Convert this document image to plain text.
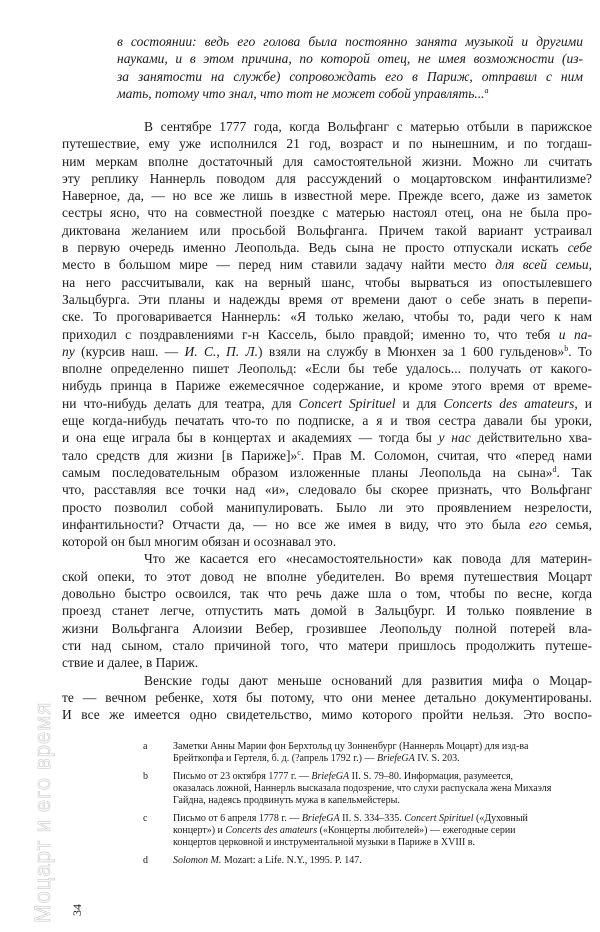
Моцарт и его время 34
в состоянии: ведь его голова была постоянно занята музыкой и другими
науками, и в этом причина, по которой отец, не имея возможности (из-
за занятости на службе) сопровождать его в Париж, отправил с ним
мать, потому что знал, что тот не может собой управлять...$^a$
В сентябре 1777 года, когда Вольфганг с матерью отбыли в парижское
путешествие, ему уже исполнился 21 год, возраст и по нынешним, и по тогдаш-
ним меркам вполне достаточный для самостоятельной жизни. Можно ли считать
эту реплику Наннерль поводом для рассуждений о моцартовском инфантилизме?
Наверное, да, — но все же лишь в известной мере. Прежде всего, даже из заметок
сестры ясно, что на совместной поездке с матерью настоял отец, она не была про-
диктована желанием или просьбой Вольфганга. Причем такой вариант устраивал
в первую очередь именно Леопольда. Ведь сына не просто отпускали искать себе
место в большом мире — перед ним ставили задачу найти место для всей семьи,
на него рассчитывали, как на верный шанс, чтобы вырваться из опостылевшего
Зальцбурга. Эти планы и надежды время от времени дают о себе знать в перепи-
ске. То проговаривается Наннерль: «Я только желаю, чтобы то, ради чего к нам
приходил с поздравлениями г-н Кассель, было правдой; именно то, что тебя и па-
пу (курсив наш. — И. С., П. Л.) взяли на службу в Мюнхен за 1 600 гульденов»$^b$. То
вполне определенно пишет Леопольд: «Если бы тебе удалось... получать от какого-
нибудь принца в Париже ежемесячное содержание, и кроме этого время от време-
ни что-нибудь делать для театра, для Concert Spirituel и для Concerts des amateurs, и
еще когда-нибудь печатать что-то по подписке, а я и твоя сестра давали бы уроки,
и она еще играла бы в концертах и академиях — тогда бы у нас действительно хва-
тало средств для жизни [в Париже]»$^c$. Прав М. Соломон, считая, что «перед нами
самым последовательным образом изложенные планы Леопольда на сына»$^d$. Так
что, расставляя все точки над «и», следовало бы скорее признать, что Вольфганг
просто позволил собой манипулировать. Было ли это проявлением незрелости,
инфантильности? Отчасти да, — но все же имея в виду, что это была его семья,
которой он был многим обязан и осознавал это.
Что же касается его «несамостоятельности» как повода для материн-
ской опеки, то этот довод не вполне убедителен. Во время путешествия Моцарт
довольно быстро освоился, так что речь даже шла о том, чтобы по весне, когда
проезд станет легче, отпустить мать домой в Зальцбург. И только появление в
жизни Вольфганга Алоизии Вебер, грозившее Леопольду полной потерей вла-
сти над сыном, стало причиной того, что матери пришлось продолжить путеше-
ствие и далее, в Париж.
Венские годы дают меньше оснований для развития мифа о Моцар-
те — вечном ребенке, хотя бы потому, что они менее детально документированы.
И все же имеется одно свидетельство, мимо которого пройти нельзя. Это воспо-
a	Заметки Анны Марии фон Берхтольд цу Зонненбург (Наннерль Моцарт) для изд-ва Брейткопфа и Гертеля, б. д. (?апрель 1792 г.) — BriefeGA IV. S. 203.
b	Письмо от 23 октября 1777 г. — BriefeGA II. S. 79–80. Информация, разумеется, оказалась ложной, Наннерль высказала подозрение, что слухи распускала жена Михаэля Гайдна, надеясь продвинуть мужа в капельмейстеры.
c	Письмо от 6 апреля 1778 г. — BriefeGA II. S. 334–335. Concert Spirituel («Духовный концерт») и Concerts des amateurs («Концерты любителей») — ежегодные серии концертов церковной и инструментальной музыки в Париже в XVIII в.
d	Solomon M. Mozart: a Life. N.Y., 1995. P. 147.
